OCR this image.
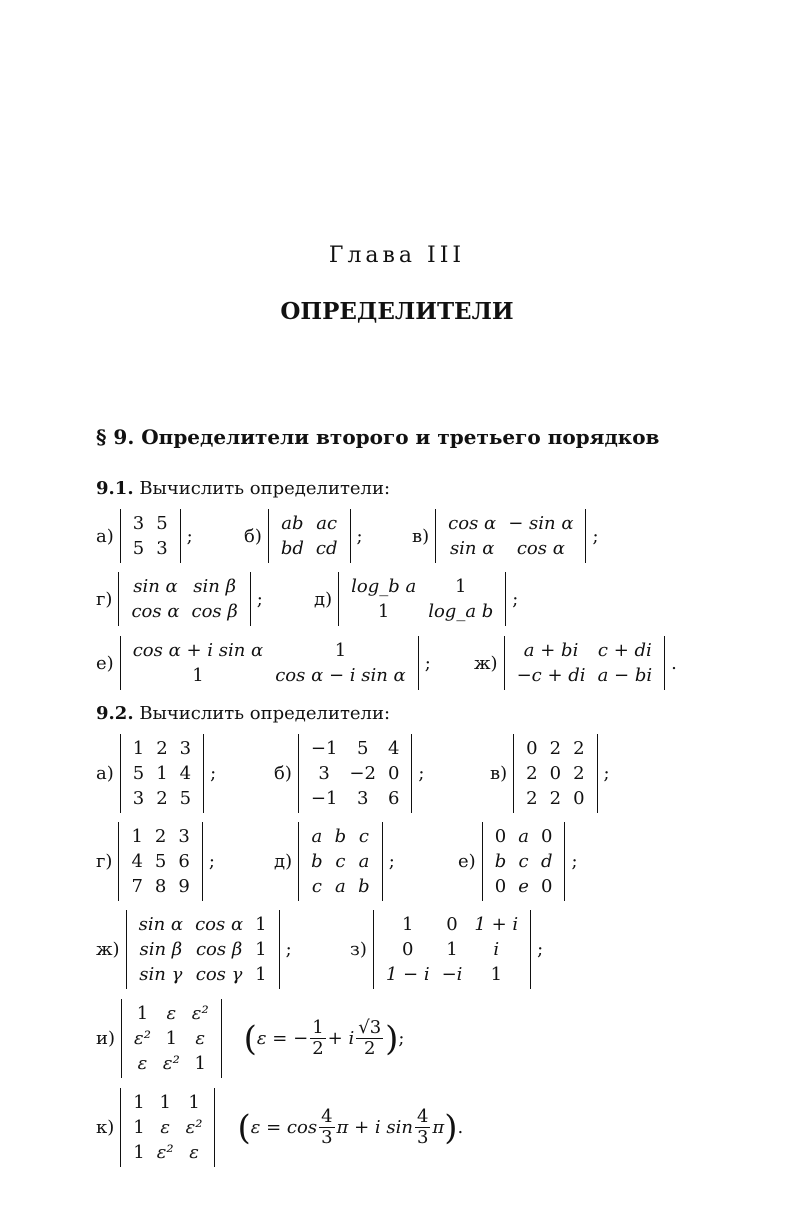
Глава III
ОПРЕДЕЛИТЕЛИ
§ 9. Определители второго и третьего порядков
9.1. Вычислить определители:
а)
3	5
5	3
;	б)
ab	ac
bd	cd
;	в)
cos α	− sin α
sin α	cos α
;
г)
sin α	sin β
cos α	cos β
;	д)
log_b a	1
1	log_a b
;
е)
cos α + i sin α	1
1	cos α − i sin α
; ж)
a + bi	c + di
−c + di	a − bi
.
9.2. Вычислить определители:
а)
1	2	3
5	1	4
3	2	5
;	б)
−1	5	4
3	−2	0
−1	3	6
;	в)
0	2	2
2	0	2
2	2	0
;
г)
1	2	3
4	5	6
7	8	9
;	д)
a	b	c
b	c	a
c	a	b
;	е)
0	a	0
b	c	d
0	e	0
;
ж)
sin α	cos α	1
sin β	cos β	1
sin γ	cos γ	1
;	з)
1	0	1 + i
0	1	i
1 − i	−i	1
;
и)
1	ε	ε²
ε²	1	ε
ε	ε²	1
( ε = − $\frac{1}{2} + i \frac{√3}{2}$ ) ;
к)
1	1	1
1	ε	ε²
1	ε²	ε
( $\varepsilon = \cos \frac{4}{3}$ π + i $\sin \frac{4}{3}$ π ) .
